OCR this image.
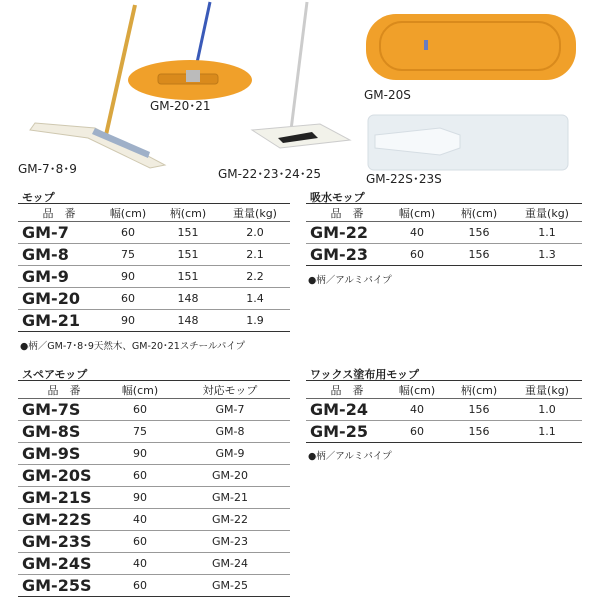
GM-7･8･9
GM-20･21
GM-22･23･24･25
GM-20S
GM-22S･23S
モップ
品　番	幅(cm)	柄(cm)	重量(kg)
GM-7	60	151	2.0
GM-8	75	151	2.1
GM-9	90	151	2.2
GM-20	60	148	1.4
GM-21	90	148	1.9
●柄／GM-7･8･9天然木、GM-20･21スチールパイプ
吸水モップ
品　番	幅(cm)	柄(cm)	重量(kg)
GM-22	40	156	1.1
GM-23	60	156	1.3
●柄／アルミパイプ
スペアモップ
品　番	幅(cm)	対応モップ
GM-7S	60	GM-7
GM-8S	75	GM-8
GM-9S	90	GM-9
GM-20S	60	GM-20
GM-21S	90	GM-21
GM-22S	40	GM-22
GM-23S	60	GM-23
GM-24S	40	GM-24
GM-25S	60	GM-25
ワックス塗布用モップ
品　番	幅(cm)	柄(cm)	重量(kg)
GM-24	40	156	1.0
GM-25	60	156	1.1
●柄／アルミパイプ
